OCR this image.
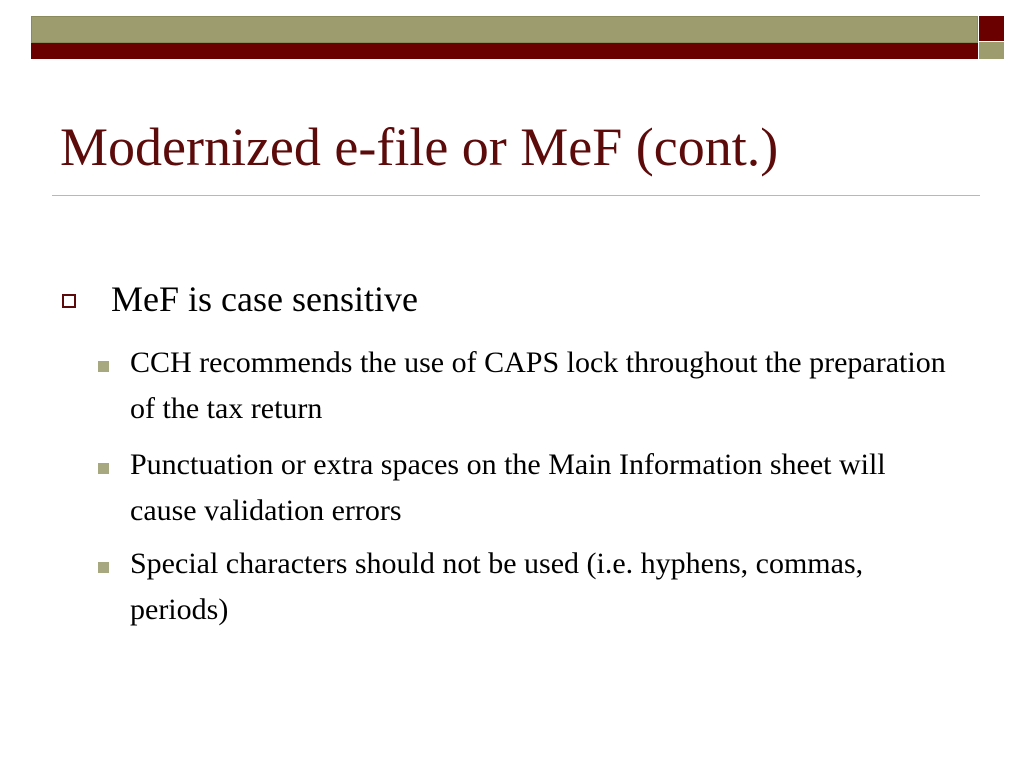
Modernized e-file or MeF (cont.)
MeF is case sensitive
CCH recommends the use of CAPS lock throughout the preparation of the tax return
Punctuation or extra spaces on the Main Information sheet will cause validation errors
Special characters should not be used (i.e. hyphens, commas, periods)
